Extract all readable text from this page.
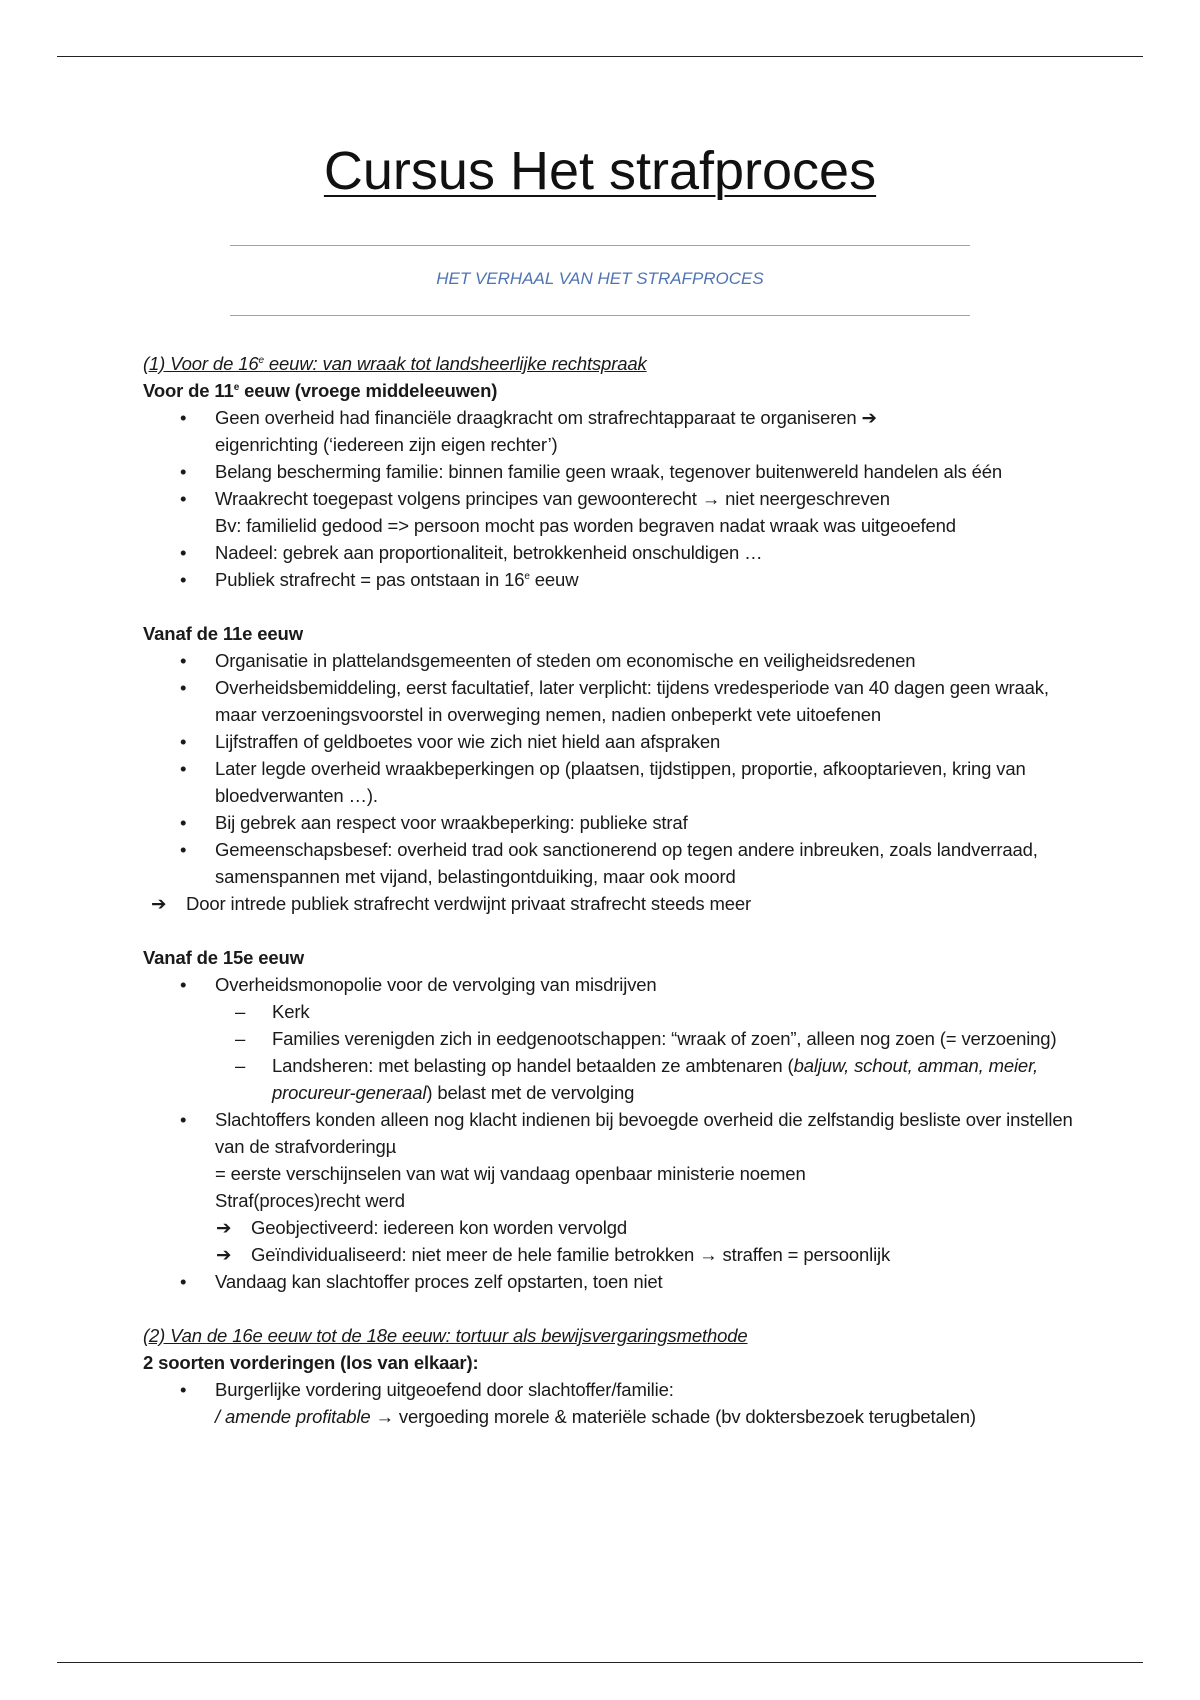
Cursus Het strafproces
HET VERHAAL VAN HET STRAFPROCES
(1) Voor de 16e eeuw: van wraak tot landsheerlijke rechtspraak
Voor de 11e eeuw (vroege middeleeuwen)
• Geen overheid had financiële draagkracht om strafrechtapparaat te organiseren ➔
eigenrichting (‘iedereen zijn eigen rechter’)
• Belang bescherming familie: binnen familie geen wraak, tegenover buitenwereld handelen als één
• Wraakrecht toegepast volgens principes van gewoonterecht → niet neergeschreven
Bv: familielid gedood => persoon mocht pas worden begraven nadat wraak was uitgeoefend
• Nadeel: gebrek aan proportionaliteit, betrokkenheid onschuldigen …
• Publiek strafrecht = pas ontstaan in 16e eeuw
Vanaf de 11e eeuw
• Organisatie in plattelandsgemeenten of steden om economische en veiligheidsredenen
• Overheidsbemiddeling, eerst facultatief, later verplicht: tijdens vredesperiode van 40 dagen geen wraak, maar verzoeningsvoorstel in overweging nemen, nadien onbeperkt vete uitoefenen
• Lijfstraffen of geldboetes voor wie zich niet hield aan afspraken
• Later legde overheid wraakbeperkingen op (plaatsen, tijdstippen, proportie, afkooptarieven, kring van bloedverwanten …).
• Bij gebrek aan respect voor wraakbeperking: publieke straf
• Gemeenschapsbesef: overheid trad ook sanctionerend op tegen andere inbreuken, zoals landverraad, samenspannen met vijand, belastingontduiking, maar ook moord
➔ Door intrede publiek strafrecht verdwijnt privaat strafrecht steeds meer
Vanaf de 15e eeuw
• Overheidsmonopolie voor de vervolging van misdrijven
– Kerk
– Families verenigden zich in eedgenootschappen: “wraak of zoen”, alleen nog zoen (= verzoening)
– Landsheren: met belasting op handel betaalden ze ambtenaren (baljuw, schout, amman, meier, procureur-generaal) belast met de vervolging
• Slachtoffers konden alleen nog klacht indienen bij bevoegde overheid die zelfstandig besliste over instellen van de strafvorderingµ
= eerste verschijnselen van wat wij vandaag openbaar ministerie noemen
Straf(proces)recht werd
➔ Geobjectiveerd: iedereen kon worden vervolgd
➔ Geïndividualiseerd: niet meer de hele familie betrokken → straffen = persoonlijk
• Vandaag kan slachtoffer proces zelf opstarten, toen niet
(2) Van de 16e eeuw tot de 18e eeuw: tortuur als bewijsvergaringsmethode
2 soorten vorderingen (los van elkaar):
• Burgerlijke vordering uitgeoefend door slachtoffer/familie:
/ amende profitable → vergoeding morele & materiële schade (bv doktersbezoek terugbetalen)
